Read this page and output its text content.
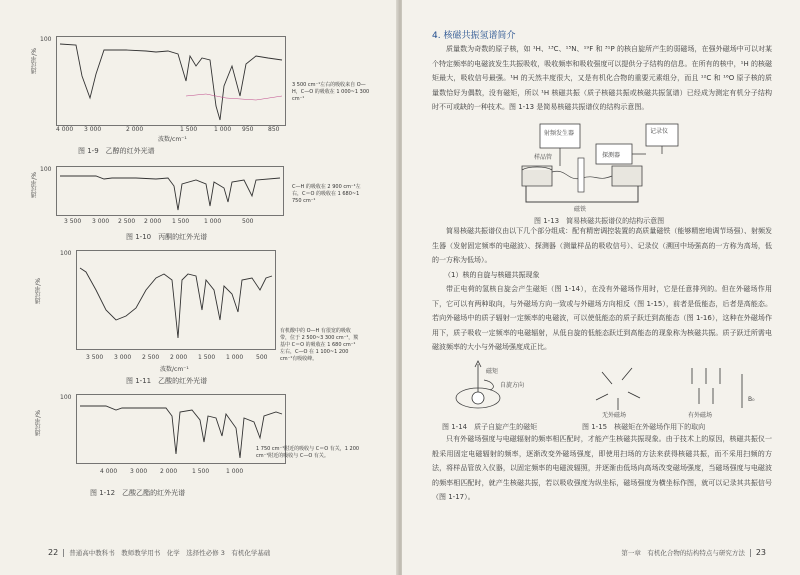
透过率/%
100
3 500 cm⁻¹左右的吸收来自 O—H，C—O 的吸收在 1 000~1 300 cm⁻¹
4 000 3 000	2 000	1 500	1 000 950 850
波数/cm⁻¹
图 1-9　乙醇的红外光谱
透过率/%
100
C—H 的吸收在 2 900 cm⁻¹左右，C＝O 的吸收在 1 680~1 750 cm⁻¹
3 500 3 000 2 500 2 000 1 500 1 000	500
图 1-10　丙酮的红外光谱
透过率/%
100
有机酸中的 O—H 有很宽的吸收带，位于 2 500~3 300 cm⁻¹，羰基中 C＝O 的吸收在 1 680 cm⁻¹左右，C—O 在 1 100~1 200 cm⁻¹有吸收峰。
3 500 3 000 2 500 2 000 1 500 1 000 500
波数/cm⁻¹
图 1-11　乙酸的红外光谱
透过率/%
100
1 750 cm⁻¹附近的吸收与 C＝O 有关，1 200 cm⁻¹附近的吸收与 C—O 有关。
4 000 3 000 2 000 1 500	1 000
图 1-12　乙酸乙酯的红外光谱
22 普通高中教科书　教师教学用书　化学　选择性必修 3　有机化学基础
4. 核磁共振氢谱简介
质量数为奇数的原子核，如 ¹H、¹³C、¹⁵N、¹⁹F 和 ³¹P 的核自旋所产生的弱磁场，在强外磁场中可以对某个特定频率的电磁波发生共振吸收，吸收频率和吸收强度可以提供分子结构的信息。在所有的核中，¹H 的核磁矩最大，吸收信号最强。¹H 的天然丰度很大，又是有机化合物的重要元素组分，而且 ¹²C 和 ¹⁶O 原子核的质量数恰好为偶数，没有磁矩，所以 ¹H 核磁共振（质子核磁共振或核磁共振氢谱）已经成为测定有机分子结构时不可或缺的一种技术。图 1-13 是简易核磁共振谱仪的结构示意图。
射频发生器
样品管	探测器
记录仪
磁铁
图 1-13　简易核磁共振谱仪的结构示意图
简易核磁共振谱仪由以下几个部分组成：配有精密调控装置的高质量磁铁（能够精密地调节场强）、射频发生器（发射固定频率的电磁波）、探测器（测量样品的吸收信号）、记录仪（溯回中场强高的一方称为高场，低的一方称为低场）。
（1）核的自旋与核磁共振现象
带正电荷的氢核自旋会产生磁矩（图 1-14），在没有外磁场作用时，它是任意排列的。但在外磁场作用下，它可以有两种取向，与外磁场方向一致或与外磁场方向相反（图 1-15），前者是低能态，后者是高能态。若向外磁场中的质子辐射一定频率的电磁波，可以使低能态的质子跃迁到高能态（图 1-16），这种在外磁场作用下，质子吸收一定频率的电磁辐射，从低自旋的低能态跃迁到高能态的现象称为核磁共振。质子跃迁所需电磁波频率的大小与外磁场强度成正比。
磁矩
自旋方向
图 1-14　质子自旋产生的磁矩
无外磁场	有外磁场
B₀
图 1-15　核磁矩在外磁场作用下的取向
只有外磁场强度与电磁辐射的频率相匹配时，才能产生核磁共振现象。由于技术上的原因，核磁共振仪一般采用固定电磁辐射的频率，逐渐改变外磁场强度，即使用扫场的方法来获得核磁共振，而不采用扫频的方法，将样品管放入仪器，以固定频率的电磁波辐照，并逐渐由低场向高场改变磁场强度，当磁场强度与电磁波的频率相匹配时，就产生核磁共振，若以吸收强度为纵坐标，磁场强度为横坐标作图，就可以记录其共振信号（图 1-17）。
第一章　有机化合物的结构特点与研究方法 23
